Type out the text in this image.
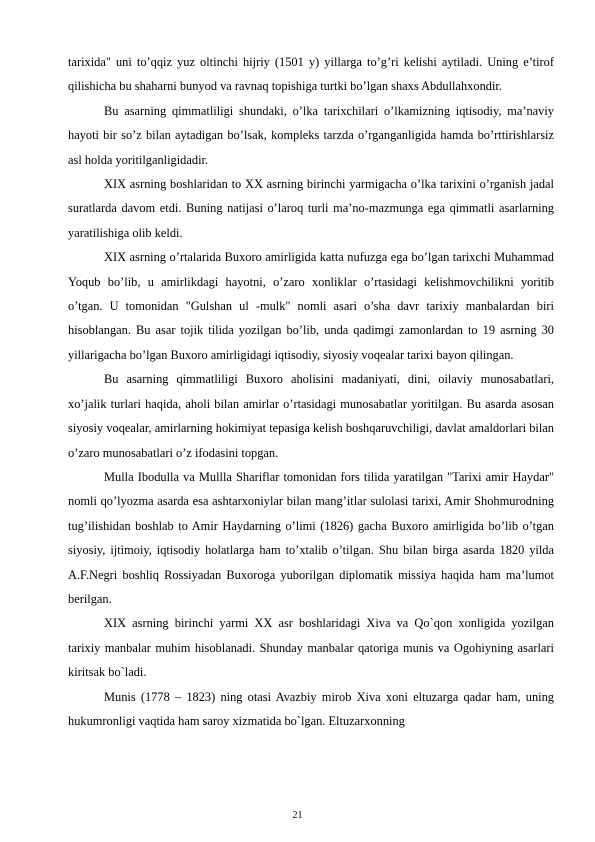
tarixida" uni to’qqiz yuz oltinchi hijriy (1501 y) yillarga to’g’ri kelishi aytiladi. Uning e’tirof qilishicha bu shaharni bunyod va ravnaq topishiga turtki bo’lgan shaxs Abdullahxondir.

Bu asarning qimmatliligi shundaki, o’lka tarixchilari o’lkamizning iqtisodiy, ma’naviy hayoti bir so’z bilan aytadigan bo’lsak, kompleks tarzda o’rganganligida hamda bo’rttirishlarsiz asl holda yoritilganligidadir.

XIX asrning boshlaridan to XX asrning birinchi yarmigacha o’lka tarixini o’rganish jadal suratlarda davom etdi. Buning natijasi o’laroq turli ma’no-mazmunga ega qimmatli asarlarning yaratilishiga olib keldi.

XIX asrning o’rtalarida Buxoro amirligida katta nufuzga ega bo’lgan tarixchi Muhammad Yoqub bo’lib, u amirlikdagi hayotni, o’zaro xonliklar o’rtasidagi kelishmovchilikni yoritib o’tgan. U tomonidan "Gulshan ul -mulk" nomli asari o’sha davr tarixiy manbalardan biri hisoblangan. Bu asar tojik tilida yozilgan bo’lib, unda qadimgi zamonlardan to 19 asrning 30 yillarigacha bo’lgan Buxoro amirligidagi iqtisodiy, siyosiy voqealar tarixi bayon qilingan.

Bu asarning qimmatliligi Buxoro aholisini madaniyati, dini, oilaviy munosabatlari, xo’jalik turlari haqida, aholi bilan amirlar o’rtasidagi munosabatlar yoritilgan. Bu asarda asosan siyosiy voqealar, amirlarning hokimiyat tepasiga kelish boshqaruvchiligi, davlat amaldorlari bilan o’zaro munosabatlari o’z ifodasini topgan.

Mulla Ibodulla va Mullla Shariflar tomonidan fors tilida yaratilgan "Tarixi amir Haydar" nomli qo’lyozma asarda esa ashtarxoniylar bilan mang’itlar sulolasi tarixi, Amir Shohmurodning tug’ilishidan boshlab to Amir Haydarning o’limi (1826) gacha Buxoro amirligida bo’lib o’tgan siyosiy, ijtimoiy, iqtisodiy holatlarga ham to’xtalib o’tilgan. Shu bilan birga asarda 1820 yilda A.F.Negri boshliq Rossiyadan Buxoroga yuborilgan diplomatik missiya haqida ham ma’lumot berilgan.

XIX asrning birinchi yarmi XX asr boshlaridagi Xiva va Qo`qon xonligida yozilgan tarixiy manbalar muhim hisoblanadi. Shunday manbalar qatoriga munis va Ogohiyning asarlari kiritsak bo`ladi.

Munis (1778 – 1823) ning otasi Avazbiy mirob Xiva xoni eltuzarga qadar ham, uning hukumronligi vaqtida ham saroy xizmatida bo`lgan. Eltuzarxonning

21
